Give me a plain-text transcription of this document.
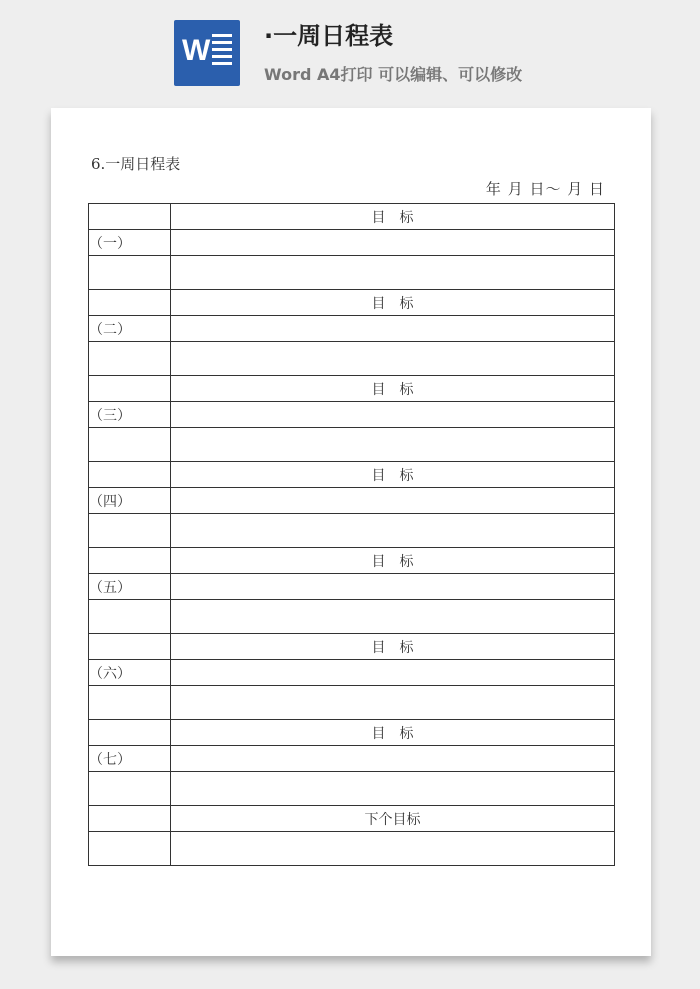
W ·一周日程表
Word A4打印 可以编辑、可以修改
6.一周日程表
年 月 日～ 月 日
	目　标
（一）	

	目　标
（二）	

	目　标
（三）	

	目　标
（四）	

	目　标
（五）	

	目　标
（六）	

	目　标
（七）	

	下个目标
